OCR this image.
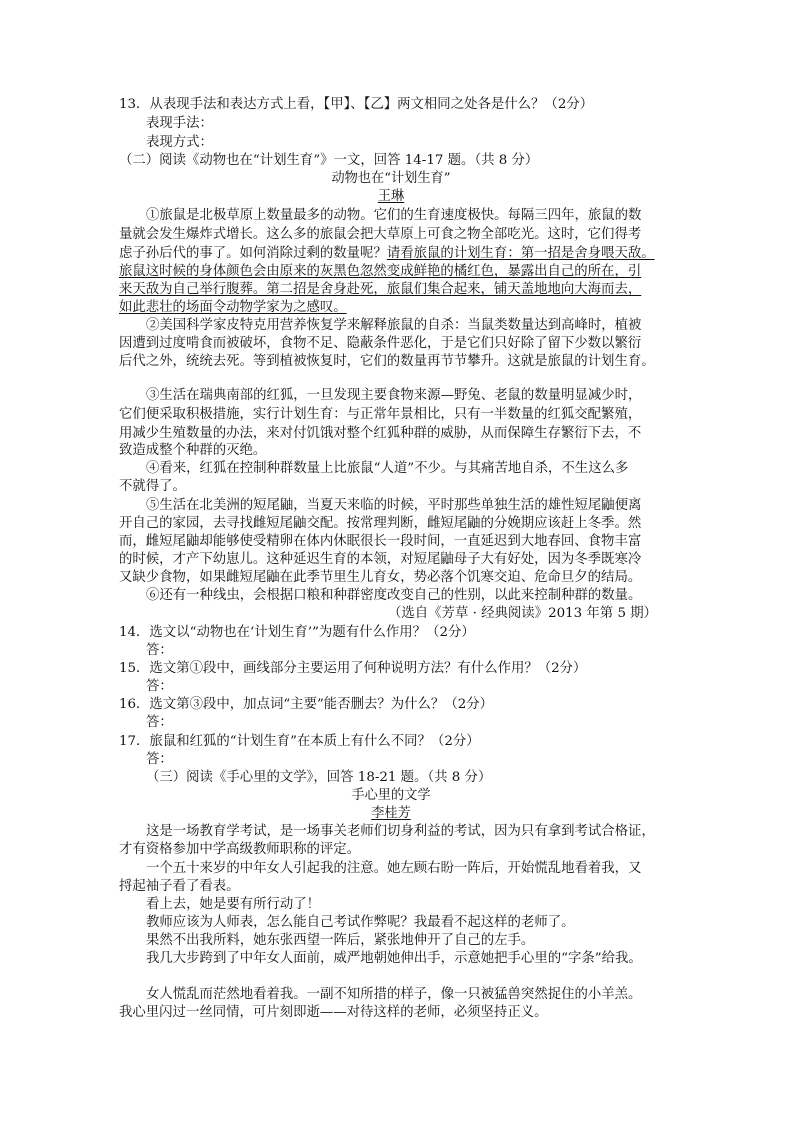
13．从表现手法和表达方式上看，【甲】、【乙】两文相同之处各是什么？（2分）
表现手法：
表现方式：
（二）阅读《动物也在“计划生育”》一文，回答 14-17 题。（共 8 分）
动物也在“计划生育”
王琳
①旅鼠是北极草原上数量最多的动物。它们的生育速度极快。每隔三四年，旅鼠的数
量就会发生爆炸式增长。这么多的旅鼠会把大草原上可食之物全部吃光。这时，它们得考
虑子孙后代的事了。如何消除过剩的数量呢？请看旅鼠的计划生育：第一招是舍身喂天敌。
旅鼠这时候的身体颜色会由原来的灰黑色忽然变成鲜艳的橘红色，暴露出自己的所在，引
来天敌为自己举行腹葬。第二招是舍身赴死，旅鼠们集合起来，铺天盖地地向大海而去，
如此悲壮的场面令动物学家为之感叹。
②美国科学家皮特克用营养恢复学来解释旅鼠的自杀：当鼠类数量达到高峰时，植被
因遭到过度啃食而被破坏，食物不足、隐蔽条件恶化，于是它们只好除了留下少数以繁衍
后代之外，统统去死。等到植被恢复时，它们的数量再节节攀升。这就是旅鼠的计划生育。
③生活在瑞典南部的红狐，一旦发现主要食物来源—野兔、老鼠的数量明显减少时，
它们便采取积极措施，实行计划生育：与正常年景相比，只有一半数量的红狐交配繁殖，
用减少生殖数量的办法，来对付饥饿对整个红狐种群的威胁，从而保障生存繁衍下去，不
致造成整个种群的灭绝。
④看来，红狐在控制种群数量上比旅鼠“人道”不少。与其痛苦地自杀，不生这么多
不就得了。
⑤生活在北美洲的短尾鼬，当夏天来临的时候，平时那些单独生活的雄性短尾鼬便离
开自己的家园，去寻找雌短尾鼬交配。按常理判断，雌短尾鼬的分娩期应该赶上冬季。然
而，雌短尾鼬却能够使受精卵在体内休眠很长一段时间，一直延迟到大地春回、食物丰富
的时候，才产下幼崽儿。这种延迟生育的本领，对短尾鼬母子大有好处，因为冬季既寒冷
又缺少食物，如果雌短尾鼬在此季节里生儿育女，势必落个饥寒交迫、危命旦夕的结局。
⑥还有一种线虫，会根据口粮和种群密度改变自己的性别，以此来控制种群的数量。
（选自《芳草 · 经典阅读》2013 年第 5 期）
14．选文以“动物也在‘计划生育’”为题有什么作用？（2分）
答：
15．选文第①段中，画线部分主要运用了何种说明方法？有什么作用？（2分）
答：
16．选文第③段中，加点词“主要”能否删去？为什么？（2分）
答：
17．旅鼠和红狐的“计划生育”在本质上有什么不同？（2分）
答：
（三）阅读《手心里的文学》，回答 18-21 题。（共 8 分）
手心里的文学
李桂芳
这是一场教育学考试，是一场事关老师们切身利益的考试，因为只有拿到考试合格证，
才有资格参加中学高级教师职称的评定。
一个五十来岁的中年女人引起我的注意。她左顾右盼一阵后，开始慌乱地看着我，又
捋起袖子看了看表。
看上去，她是要有所行动了！
教师应该为人师表，怎么能自己考试作弊呢？我最看不起这样的老师了。
果然不出我所料，她东张西望一阵后，紧张地伸开了自己的左手。
我几大步跨到了中年女人面前，威严地朝她伸出手，示意她把手心里的“字条”给我。
女人慌乱而茫然地看着我。一副不知所措的样子，像一只被猛兽突然捉住的小羊羔。
我心里闪过一丝同情，可片刻即逝——对待这样的老师，必须坚持正义。
